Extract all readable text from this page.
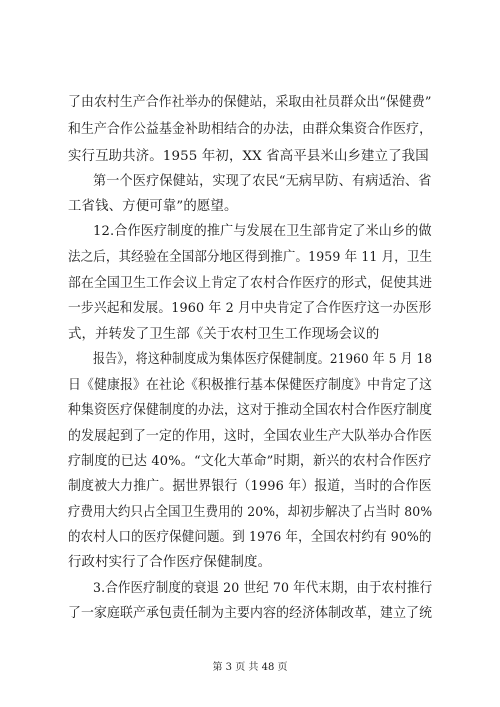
了由农村生产合作社举办的保健站，采取由社员群众出“保健费”
和生产合作公益基金补助相结合的办法，由群众集资合作医疗，
实行互助共济。1955 年初，XX 省高平县米山乡建立了我国
第一个医疗保健站，实现了农民“无病早防、有病适治、省
工省钱、方便可靠”的愿望。
12.合作医疗制度的推广与发展在卫生部肯定了米山乡的做
法之后，其经验在全国部分地区得到推广。1959 年 11 月，卫生
部在全国卫生工作会议上肯定了农村合作医疗的形式，促使其进
一步兴起和发展。1960 年 2 月中央肯定了合作医疗这一办医形
式，并转发了卫生部《关于农村卫生工作现场会议的
报告》，将这种制度成为集体医疗保健制度。21960 年 5 月 18
日《健康报》在社论《积极推行基本保健医疗制度》中肯定了这
种集资医疗保健制度的办法，这对于推动全国农村合作医疗制度
的发展起到了一定的作用，这时，全国农业生产大队举办合作医
疗制度的已达 40%。“文化大革命”时期，新兴的农村合作医疗
制度被大力推广。据世界银行（1996 年）报道，当时的合作医
疗费用大约只占全国卫生费用的 20%，却初步解决了占当时 80%
的农村人口的医疗保健问题。到 1976 年，全国农村约有 90%的
行政村实行了合作医疗保健制度。
3.合作医疗制度的衰退 20 世纪 70 年代末期，由于农村推行
了一家庭联产承包责任制为主要内容的经济体制改革，建立了统
第 3 页 共 48 页
